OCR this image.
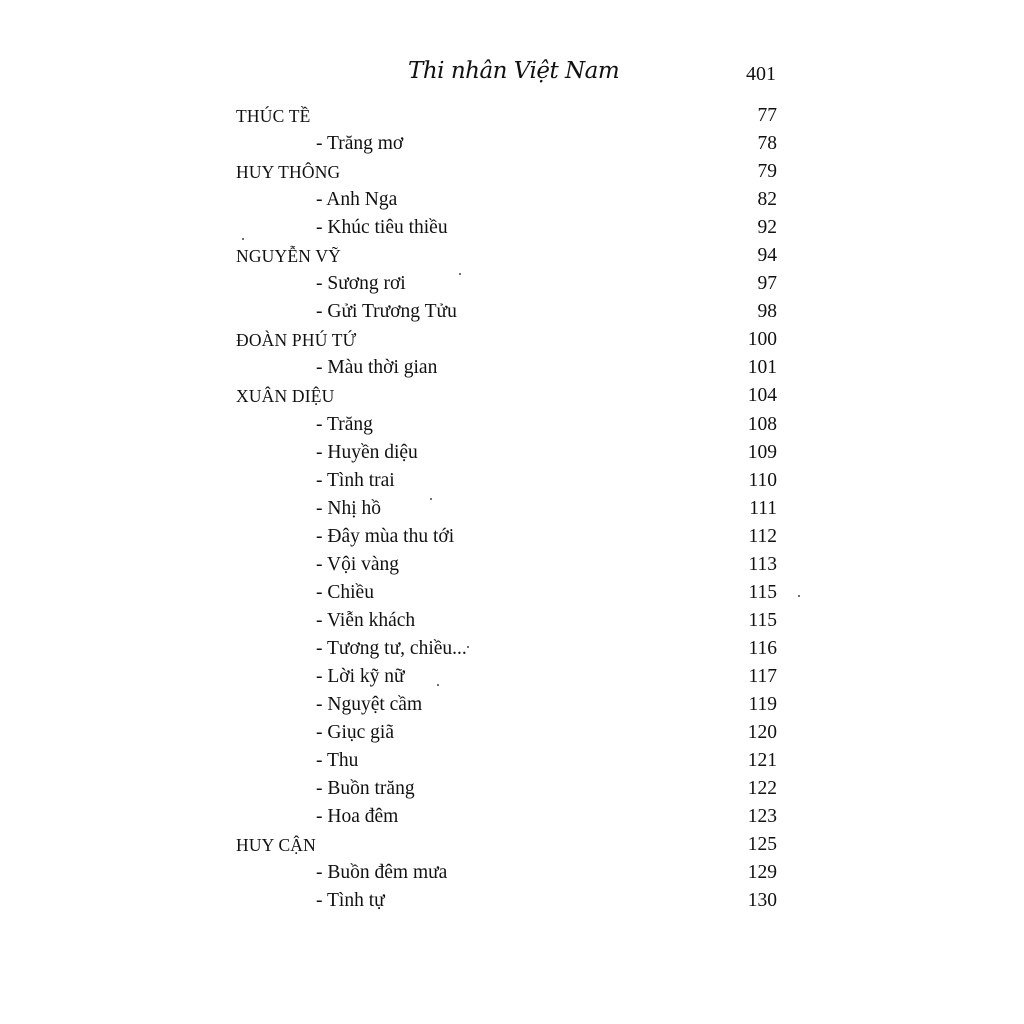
Thi nhân Việt Nam	401
THÚC TỀ	77
- Trăng mơ	78
HUY THÔNG	79
- Anh Nga	82
- Khúc tiêu thiều	92
NGUYỄN VỸ	94
- Sương rơi	97
- Gửi Trương Tửu	98
ĐOÀN PHÚ TỨ	100
- Màu thời gian	101
XUÂN DIỆU	104
- Trăng	108
- Huyền diệu	109
- Tình trai	110
- Nhị hồ	111
- Đây mùa thu tới	112
- Vội vàng	113
- Chiều	115
- Viễn khách	115
- Tương tư, chiều...	116
- Lời kỹ nữ	117
- Nguyệt cầm	119
- Giục giã	120
- Thu	121
- Buồn trăng	122
- Hoa đêm	123
HUY CẬN	125
- Buồn đêm mưa	129
- Tình tự	130
